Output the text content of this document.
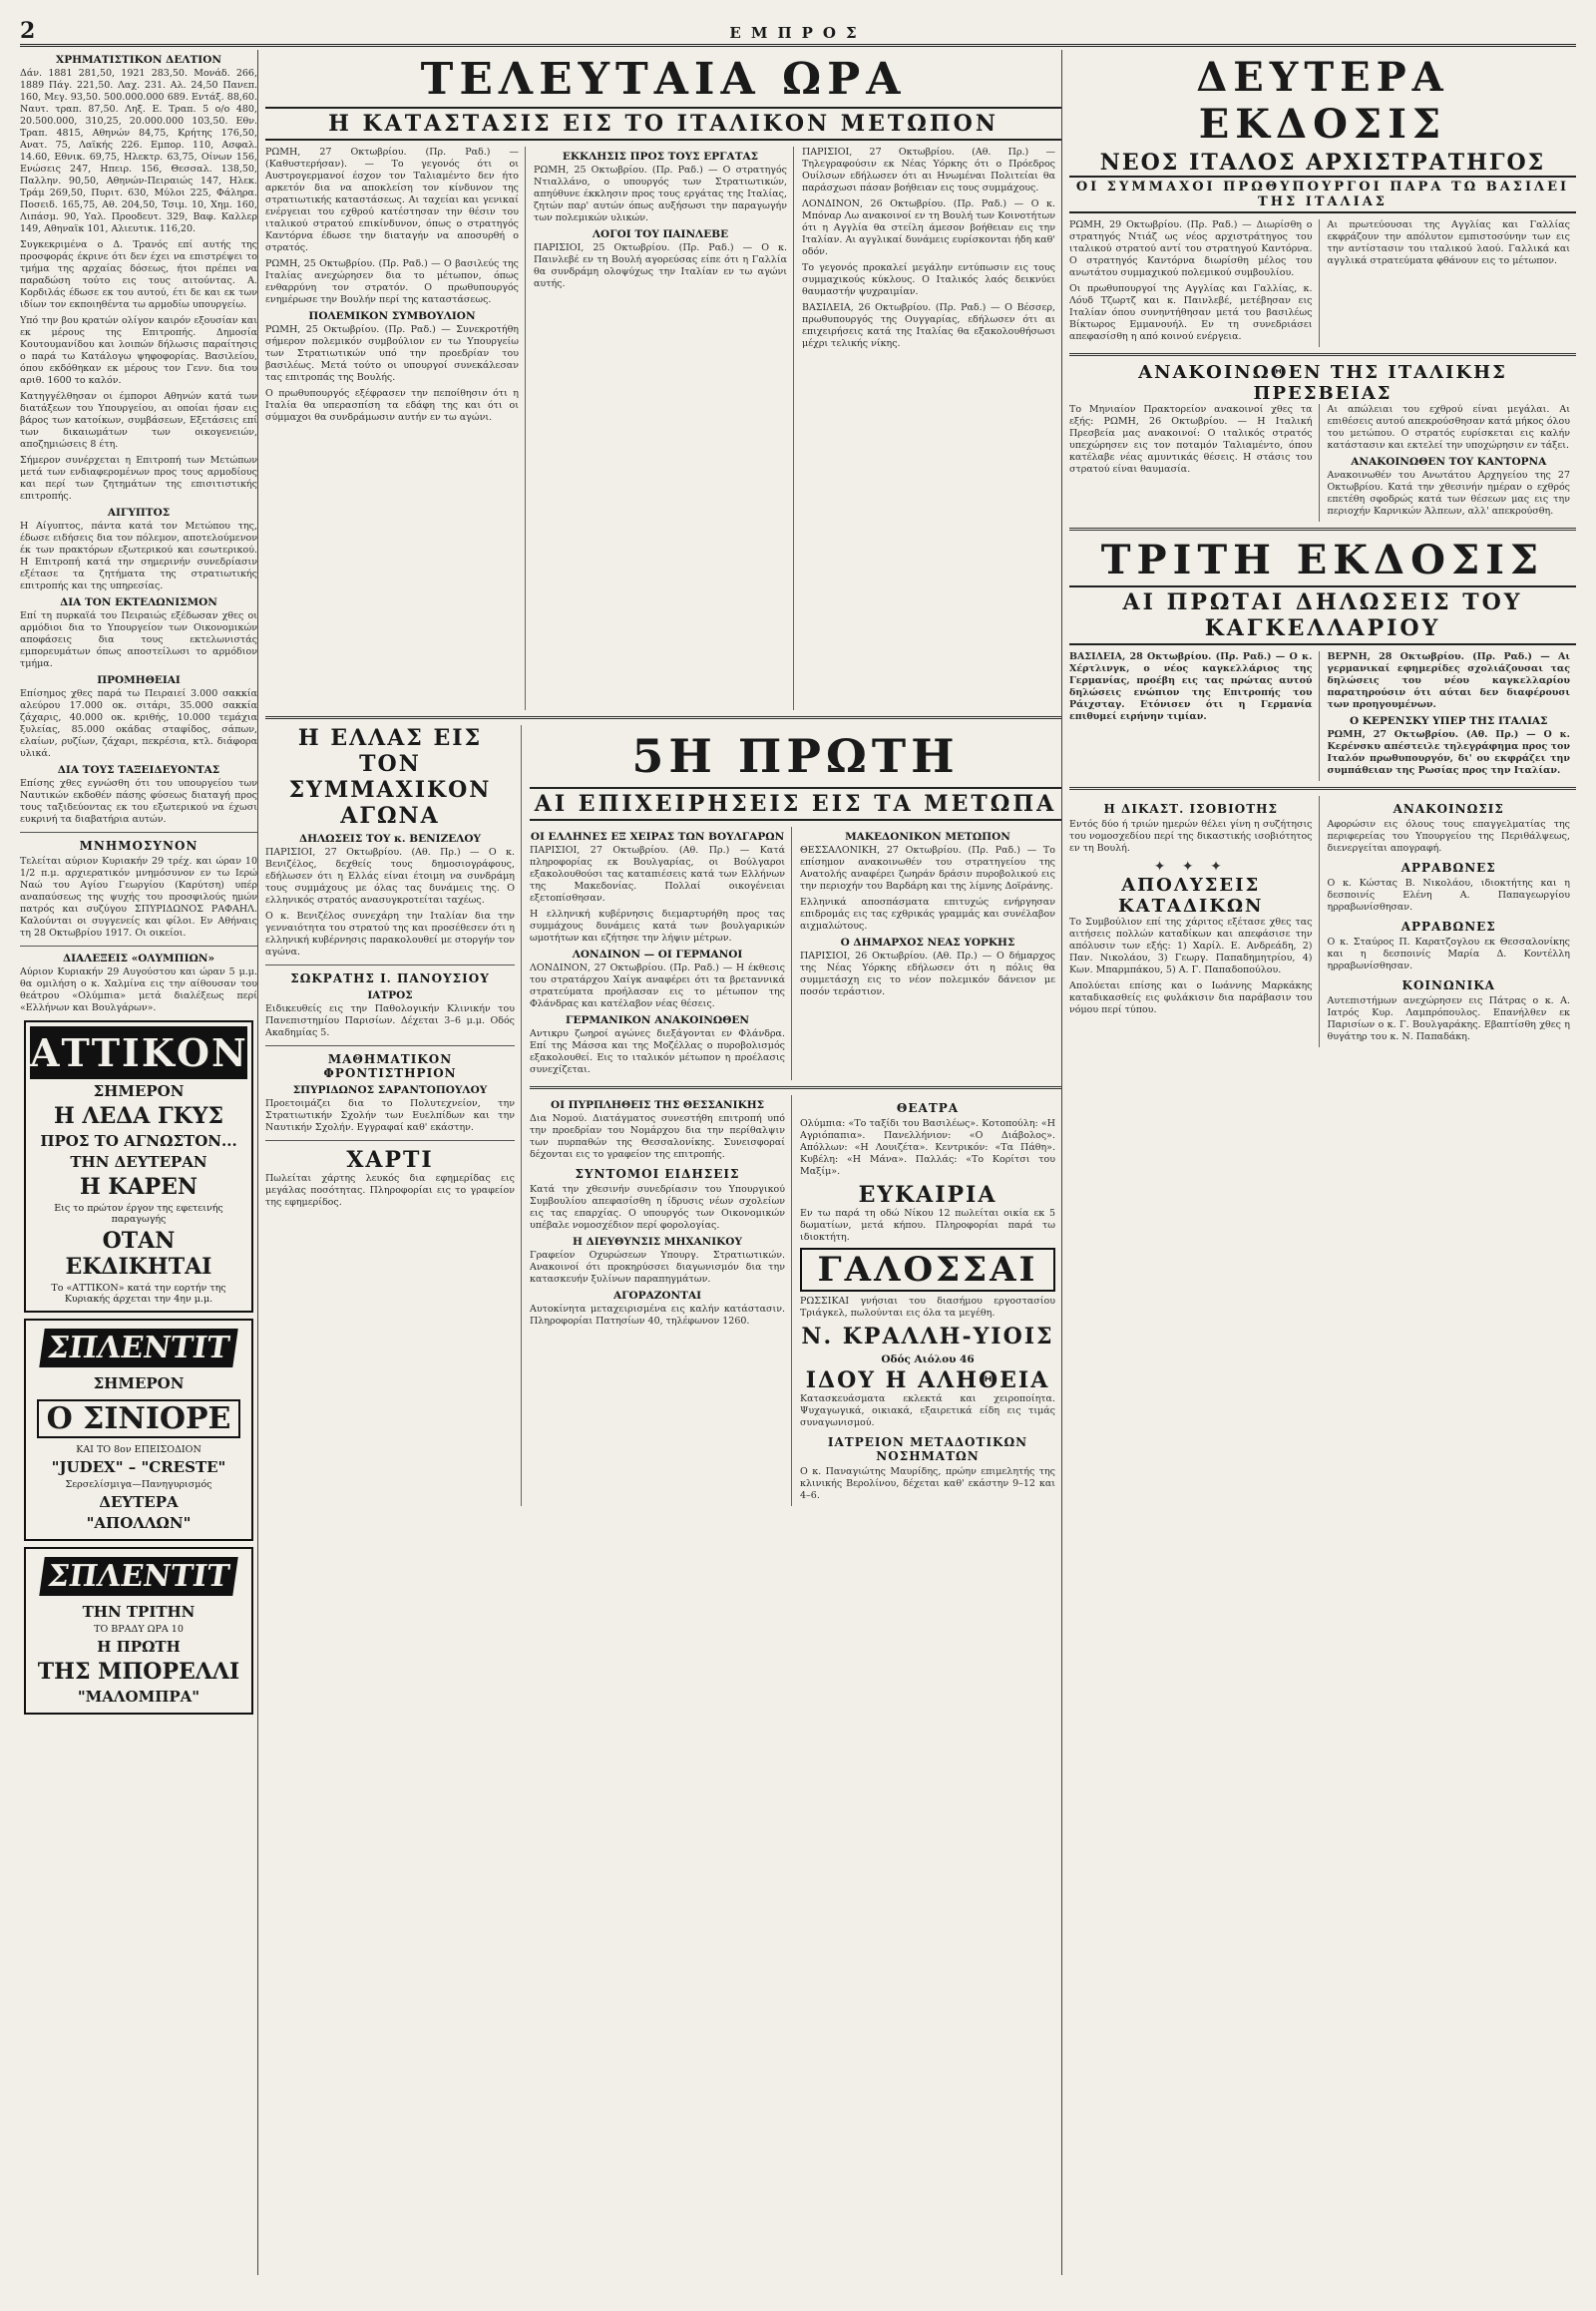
2	ΕΜΠΡΟΣ
ΧΡΗΜΑΤΙΣΤΙΚΟΝ ΔΕΛΤΙΟΝ

Δάν. 1881 281,50, 1921 283,50. Μονάδ. 266, 1889 Πάγ. 221,50. Λαχ. 231. Αλ. 24,50 Πανεπ. 160, Μεγ. 93,50. 500.000.000 689. Εντάξ. 88,60. Ναυτ. τραπ. 87,50. Ληξ. Ε. Τραπ. 5 ο/ο 480, 20.500.000, 310,25, 20.000.000 103,50. Εθν. Τραπ. 4815, Αθηνών 84,75, Κρήτης 176,50, Ανατ. 75, Λαϊκής 226. Εμπορ. 110, Ασφαλ. 14.60, Εθνικ. 69,75, Ηλεκτρ. 63,75, Οίνων 156, Ενώσεις 247, Ηπειρ. 156, Θεσσαλ. 138,50, Παλλην. 90,50, Αθηνών-Πειραιώς 147, Ηλεκ. Τράμ 269,50, Πυριτ. 630, Μύλοι 225, Φάληρα. Ποσειδ. 165,75, Αθ. 204,50, Τσιμ. 10, Χημ. 160, Λιπάσμ. 90, Υαλ. Προοδευτ. 329, Βαφ. Καλλερ 149, Αθηναϊκ 101, Αλιευτικ. 116,20.

Συγκεκριμένα ο Δ. Τρανός επί αυτής της προσφοράς έκρινε ότι δεν έχει να επιστρέψει το τμήμα της αρχαίας δόσεως, ήτοι πρέπει να παραδώση τούτο εις τους αιτούντας. Α. Κορδιλάς έδωσε εκ του αυτού, έτι δε και εκ των ιδίων τον εκποιηθέντα τω αρμοδίω υπουργείω.

Υπό την βου κρατών ολίγον καιρόν εξουσίαν και εκ μέρους της Επιτροπής. Δημοσία Κουτουμανίδου και λοιπών δήλωσις παραίτησις ο παρά τω Κατάλογω ψηφοφορίας. Βασιλείου, όπου εκδόθηκαν εκ μέρους τον Γενν. δια του αριθ. 1600 το καλόν.

Κατηγγέλθησαν οι έμποροι Αθηνών κατά των διατάξεων του Υπουργείου, αι οποίαι ήσαν εις βάρος των κατοίκων, συμβάσεων, Εξετάσεις επί των δικαιωμάτων των οικογενειών, αποζημιώσεις 8 έτη.

Σήμερον συνέρχεται η Επιτροπή των Μετώπων μετά των ενδιαφερομένων προς τους αρμοδίους και περί των ζητημάτων της επισιτιστικής επιτροπής.

ΑΙΓΥΠΤΟΣ

Η Αίγυπτος, πάντα κατά τον Μετώπου της, έδωσε ειδήσεις δια τον πόλεμον, αποτελούμενον έκ των πρακτόρων εξωτερικού και εσωτερικού. Η Επιτροπή κατά την σημερινήν συνεδρίασιν εξέτασε τα ζητήματα της στρατιωτικής επιτροπής και της υπηρεσίας.

ΔΙΑ ΤΟΝ ΕΚΤΕΛΩΝΙΣΜΟΝ

Επί τη πυρκαϊά του Πειραιώς εξέδωσαν χθες οι αρμόδιοι δια το Υπουργείον των Οικονομικών αποφάσεις δια τους εκτελωνιστάς εμπορευμάτων όπως αποστείλωσι το αρμόδιον τμήμα.

ΠΡΟΜΗΘΕΙΑΙ

Επίσημος χθες παρά τω Πειραιεί 3.000 σακκία αλεύρου 17.000 οκ. σιτάρι, 35.000 σακκία ζάχαρις, 40.000 οκ. κριθής, 10.000 τεμάχια ξυλείας, 85.000 οκάδας σταφίδος, σάπων, ελαίων, ρυζίων, ζάχαρι, πεκρέσια, κτλ. διάφορα υλικά.

ΔΙΑ ΤΟΥΣ ΤΑΞΕΙΔΕΥΟΝΤΑΣ

Επίσης χθες εγνώσθη ότι του υπουργείου των Ναυτικών εκδοθέν πάσης φύσεως διαταγή προς τους ταξιδεύοντας εκ του εξωτερικού να έχωσι ευκρινή τα διαβατήρια αυτών.

ΜΝΗΜΟΣΥΝΟΝ

Τελείται αύριον Κυριακήν 29 τρέχ. και ώραν 10 1/2 π.μ. αρχιερατικόν μνημόσυνον εν τω Ιερώ Ναώ του Αγίου Γεωργίου (Καρύτση) υπέρ αναπαύσεως της ψυχής του προσφιλούς ημών πατρός και συζύγου ΣΠΥΡΙΔΩΝΟΣ ΡΑΦΑΗΛ. Καλούνται οι συγγενείς και φίλοι. Εν Αθήναις τη 28 Οκτωβρίου 1917. Οι οικείοι.

ΔΙΑΛΕΞΕΙΣ «ΟΛΥΜΠΙΩΝ»

Αύριον Κυριακήν 29 Αυγούστου και ώραν 5 μ.μ. θα ομιλήση ο κ. Χαλμίνα εις την αίθουσαν του θεάτρου «Ολύμπια» μετά διαλέξεως περί «Ελλήνων και Βουλγάρων».

ΑΤΤΙΚΟΝ
ΣΗΜΕΡΟΝ
Η ΛΕΔΑ ΓΚΥΣ
ΠΡΟΣ ΤΟ ΑΓΝΩΣΤΟΝ...
ΤΗΝ ΔΕΥΤΕΡΑΝ
Η ΚΑΡΕΝ
Εις το πρώτον έργον της εφετεινής παραγωγής
ΟΤΑΝ ΕΚΔΙΚΗΤΑΙ
Το «ΑΤΤΙΚΟΝ» κατά την εορτήν της Κυριακής άρχεται την 4ην μ.μ.
ΣΠΛΕΝΤΙΤ
ΣΗΜΕΡΟΝ
Ο ΣΙΝΙΟΡΕ
ΚΑΙ ΤΟ 8ον ΕΠΕΙΣΟΔΙΟΝ
"JUDEX" – "CRESTE"
Σερσελίσμιγα—Πανηγυρισμός
ΔΕΥΤΕΡΑ
"ΑΠΟΛΛΩΝ"
ΣΠΛΕΝΤΙΤ
ΤΗΝ ΤΡΙΤΗΝ
ΤΟ ΒΡΑΔΥ ΩΡΑ 10
Η ΠΡΩΤΗ
ΤΗΣ ΜΠΟΡΕΛΛΙ
"ΜΑΛΟΜΠΡΑ"
ΤΕΛΕΥΤΑΙΑ ΩΡΑ
Η ΚΑΤΑΣΤΑΣΙΣ ΕΙΣ ΤΟ ΙΤΑΛΙΚΟΝ ΜΕΤΩΠΟΝ

ΡΩΜΗ, 27 Οκτωβρίου. (Πρ. Ραδ.) — (Καθυστερήσαν). — Το γεγονός ότι οι Αυστρογερμανοί έσχον τον Ταλιαμέντο δεν ήτο αρκετόν δια να αποκλείση τον κίνδυνον της στρατιωτικής καταστάσεως. Αι ταχείαι και γενικαί ενέργειαι του εχθρού κατέστησαν την θέσιν του ιταλικού στρατού επικίνδυνον, όπως ο στρατηγός Καντόρνα έδωσε την διαταγήν να αποσυρθή ο στρατός.

ΡΩΜΗ, 25 Οκτωβρίου. (Πρ. Ραδ.) — Ο βασιλεύς της Ιταλίας ανεχώρησεν δια το μέτωπον, όπως ενθαρρύνη τον στρατόν. Ο πρωθυπουργός ενημέρωσε την Βουλήν περί της καταστάσεως.

ΠΟΛΕΜΙΚΟΝ ΣΥΜΒΟΥΛΙΟΝ

ΡΩΜΗ, 25 Οκτωβρίου. (Πρ. Ραδ.) — Συνεκροτήθη σήμερον πολεμικόν συμβούλιον εν τω Υπουργείω των Στρατιωτικών υπό την προεδρίαν του βασιλέως. Μετά τούτο οι υπουργοί συνεκάλεσαν τας επιτροπάς της Βουλής.

Ο πρωθυπουργός εξέφρασεν την πεποίθησιν ότι η Ιταλία θα υπερασπίση τα εδάφη της και ότι οι σύμμαχοι θα συνδράμωσιν αυτήν εν τω αγώνι.

ΕΚΚΛΗΣΙΣ ΠΡΟΣ ΤΟΥΣ ΕΡΓΑΤΑΣ

ΡΩΜΗ, 25 Οκτωβρίου. (Πρ. Ραδ.) — Ο στρατηγός Ντιαλλάνο, ο υπουργός των Στρατιωτικών, απηύθυνε έκκλησιν προς τους εργάτας της Ιταλίας, ζητών παρ' αυτών όπως αυξήσωσι την παραγωγήν των πολεμικών υλικών.

ΛΟΓΟΙ ΤΟΥ ΠΑΙΝΛΕΒΕ

ΠΑΡΙΣΙΟΙ, 25 Οκτωβρίου. (Πρ. Ραδ.) — Ο κ. Παινλεβέ εν τη Βουλή αγορεύσας είπε ότι η Γαλλία θα συνδράμη ολοψύχως την Ιταλίαν εν τω αγώνι αυτής.

ΠΑΡΙΣΙΟΙ, 27 Οκτωβρίου. (Αθ. Πρ.) — Τηλεγραφούσιν εκ Νέας Υόρκης ότι ο Πρόεδρος Ουίλσων εδήλωσεν ότι αι Ηνωμέναι Πολιτείαι θα παράσχωσι πάσαν βοήθειαν εις τους συμμάχους.

ΛΟΝΔΙΝΟΝ, 26 Οκτωβρίου. (Πρ. Ραδ.) — Ο κ. Μπόναρ Λω ανακοινοί εν τη Βουλή των Κοινοτήτων ότι η Αγγλία θα στείλη άμεσον βοήθειαν εις την Ιταλίαν. Αι αγγλικαί δυνάμεις ευρίσκονται ήδη καθ' οδόν.

Το γεγονός προκαλεί μεγάλην εντύπωσιν εις τους συμμαχικούς κύκλους. Ο Ιταλικός λαός δεικνύει θαυμαστήν ψυχραιμίαν.

ΒΑΣΙΛΕΙΑ, 26 Οκτωβρίου. (Πρ. Ραδ.) — Ο Βέσσερ, πρωθυπουργός της Ουγγαρίας, εδήλωσεν ότι αι επιχειρήσεις κατά της Ιταλίας θα εξακολουθήσωσι μέχρι τελικής νίκης.

Η ΕΛΛΑΣ ΕΙΣ ΤΟΝ ΣΥΜΜΑΧΙΚΟΝ ΑΓΩΝΑ
ΔΗΛΩΣΕΙΣ ΤΟΥ κ. ΒΕΝΙΖΕΛΟΥ

ΠΑΡΙΣΙΟΙ, 27 Οκτωβρίου. (Αθ. Πρ.) — Ο κ. Βενιζέλος, δεχθείς τους δημοσιογράφους, εδήλωσεν ότι η Ελλάς είναι έτοιμη να συνδράμη τους συμμάχους με όλας τας δυνάμεις της. Ο ελληνικός στρατός ανασυγκροτείται ταχέως.

Ο κ. Βενιζέλος συνεχάρη την Ιταλίαν δια την γενναιότητα του στρατού της και προσέθεσεν ότι η ελληνική κυβέρνησις παρακολουθεί με στοργήν τον αγώνα.

ΣΩΚΡΑΤΗΣ Ι. ΠΑΝΟΥΣΙΟΥ
ΙΑΤΡΟΣ

Ειδικευθείς εις την Παθολογικήν Κλινικήν του Πανεπιστημίου Παρισίων. Δέχεται 3–6 μ.μ. Οδός Ακαδημίας 5.

ΜΑΘΗΜΑΤΙΚΟΝ ΦΡΟΝΤΙΣΤΗΡΙΟΝ
ΣΠΥΡΙΔΩΝΟΣ ΣΑΡΑΝΤΟΠΟΥΛΟΥ

Προετοιμάζει δια το Πολυτεχνείον, την Στρατιωτικήν Σχολήν των Ευελπίδων και την Ναυτικήν Σχολήν. Εγγραφαί καθ' εκάστην.

ΧΑΡΤΙ

Πωλείται χάρτης λευκός δια εφημερίδας εις μεγάλας ποσότητας. Πληροφορίαι εις το γραφείον της εφημερίδος.

5Η ΠΡΩΤΗ
ΑΙ ΕΠΙΧΕΙΡΗΣΕΙΣ ΕΙΣ ΤΑ ΜΕΤΩΠΑ
ΟΙ ΕΛΛΗΝΕΣ ΕΞ ΧΕΙΡΑΣ ΤΩΝ ΒΟΥΛΓΑΡΩΝ

ΠΑΡΙΣΙΟΙ, 27 Οκτωβρίου. (Αθ. Πρ.) — Κατά πληροφορίας εκ Βουλγαρίας, οι Βούλγαροι εξακολουθούσι τας καταπιέσεις κατά των Ελλήνων της Μακεδονίας. Πολλαί οικογένειαι εξετοπίσθησαν.

Η ελληνική κυβέρνησις διεμαρτυρήθη προς τας συμμάχους δυνάμεις κατά των βουλγαρικών ωμοτήτων και εζήτησε την λήψιν μέτρων.

ΛΟΝΔΙΝΟΝ — ΟΙ ΓΕΡΜΑΝΟΙ

ΛΟΝΔΙΝΟΝ, 27 Οκτωβρίου. (Πρ. Ραδ.) — Η έκθεσις του στρατάρχου Χαίγκ αναφέρει ότι τα βρεταννικά στρατεύματα προήλασαν εις το μέτωπον της Φλάνδρας και κατέλαβον νέας θέσεις.

ΓΕΡΜΑΝΙΚΟΝ ΑΝΑΚΟΙΝΩΘΕΝ

Αντικρυ ζωηροί αγώνες διεξάγονται εν Φλάνδρα. Επί της Μάσσα και της Μοζέλλας ο πυροβολισμός εξακολουθεί. Εις το ιταλικόν μέτωπον η προέλασις συνεχίζεται.

ΜΑΚΕΔΟΝΙΚΟΝ ΜΕΤΩΠΟΝ

ΘΕΣΣΑΛΟΝΙΚΗ, 27 Οκτωβρίου. (Πρ. Ραδ.) — Το επίσημον ανακοινωθέν του στρατηγείου της Ανατολής αναφέρει ζωηράν δράσιν πυροβολικού εις την περιοχήν του Βαρδάρη και της λίμνης Δοϊράνης.

Ελληνικά αποσπάσματα επιτυχώς ενήργησαν επιδρομάς εις τας εχθρικάς γραμμάς και συνέλαβον αιχμαλώτους.

Ο ΔΗΜΑΡΧΟΣ ΝΕΑΣ ΥΟΡΚΗΣ

ΠΑΡΙΣΙΟΙ, 26 Οκτωβρίου. (Αθ. Πρ.) — Ο δήμαρχος της Νέας Υόρκης εδήλωσεν ότι η πόλις θα συμμετάσχη εις το νέον πολεμικόν δάνειον με ποσόν τεράστιον.

ΟΙ ΠΥΡΠΛΗΘΕΙΣ ΤΗΣ ΘΕΣΣΑΝΙΚΗΣ

Δια Νομού. Διατάγματος συνεστήθη επιτροπή υπό την προεδρίαν του Νομάρχου δια την περίθαλψιν των πυρπαθών της Θεσσαλονίκης. Συνεισφοραί δέχονται εις το γραφείον της επιτροπής.

ΣΥΝΤΟΜΟΙ ΕΙΔΗΣΕΙΣ

Κατά την χθεσινήν συνεδρίασιν του Υπουργικού Συμβουλίου απεφασίσθη η ίδρυσις νέων σχολείων εις τας επαρχίας. Ο υπουργός των Οικονομικών υπέβαλε νομοσχέδιον περί φορολογίας.

Η ΔΙΕΥΘΥΝΣΙΣ ΜΗΧΑΝΙΚΟΥ

Γραφείον Οχυρώσεων Υπουργ. Στρατιωτικών. Ανακοινοί ότι προκηρύσσει διαγωνισμόν δια την κατασκευήν ξυλίνων παραπηγμάτων.

ΑΓΟΡΑΖΟΝΤΑΙ

Αυτοκίνητα μεταχειρισμένα εις καλήν κατάστασιν. Πληροφορίαι Πατησίων 40, τηλέφωνον 1260.

ΘΕΑΤΡΑ

Ολύμπια: «Το ταξίδι του Βασιλέως». Κοτοπούλη: «Η Αγριόπαπια». Πανελλήνιον: «Ο Διάβολος». Απόλλων: «Η Λουιζέτα». Κεντρικόν: «Τα Πάθη». Κυβέλη: «Η Μάνα». Παλλάς: «Το Κορίτσι του Μαξίμ».

ΕΥΚΑΙΡΙΑ

Εν τω παρά τη οδώ Νίκου 12 πωλείται οικία εκ 5 δωματίων, μετά κήπου. Πληροφορίαι παρά τω ιδιοκτήτη.

ΓΑΛΟΣΣΑΙ

ΡΩΣΣΙΚΑΙ γνήσιαι του διασήμου εργοστασίου Τριάγκελ, πωλούνται εις όλα τα μεγέθη.

Ν. ΚΡΑΛΛΗ-ΥΙΟΙΣ
Οδός Αιόλου 46
ΙΔΟΥ Η ΑΛΗΘΕΙΑ

Κατασκευάσματα εκλεκτά και χειροποίητα. Ψυχαγωγικά, οικιακά, εξαιρετικά είδη εις τιμάς συναγωνισμού.

ΙΑΤΡΕΙΟΝ ΜΕΤΑΔΟΤΙΚΩΝ ΝΟΣΗΜΑΤΩΝ

Ο κ. Παναγιώτης Μαυρίδης, πρώην επιμελητής της κλινικής Βερολίνου, δέχεται καθ' εκάστην 9–12 και 4–6.

ΔΕΥΤΕΡΑ ΕΚΔΟΣΙΣ
ΝΕΟΣ ΙΤΑΛΟΣ ΑΡΧΙΣΤΡΑΤΗΓΟΣ
ΟΙ ΣΥΜΜΑΧΟΙ ΠΡΩΘΥΠΟΥΡΓΟΙ ΠΑΡΑ ΤΩ ΒΑΣΙΛΕΙ ΤΗΣ ΙΤΑΛΙΑΣ

ΡΩΜΗ, 29 Οκτωβρίου. (Πρ. Ραδ.) — Διωρίσθη ο στρατηγός Ντιάζ ως νέος αρχιστράτηγος του ιταλικού στρατού αντί του στρατηγού Καντόρνα. Ο στρατηγός Καντόρνα διωρίσθη μέλος του ανωτάτου συμμαχικού πολεμικού συμβουλίου.

Οι πρωθυπουργοί της Αγγλίας και Γαλλίας, κ. Λόυδ Τζωρτζ και κ. Παινλεβέ, μετέβησαν εις Ιταλίαν όπου συνηντήθησαν μετά του βασιλέως Βίκτωρος Εμμανουήλ. Εν τη συνεδριάσει απεφασίσθη η από κοινού ενέργεια.

Αι πρωτεύουσαι της Αγγλίας και Γαλλίας εκφράζουν την απόλυτον εμπιστοσύνην των εις την αντίστασιν του ιταλικού λαού. Γαλλικά και αγγλικά στρατεύματα φθάνουν εις το μέτωπον.

ΑΝΑΚΟΙΝΩΘΕΝ ΤΗΣ ΙΤΑΛΙΚΗΣ ΠΡΕΣΒΕΙΑΣ

Το Μηνιαίον Πρακτορείον ανακοινοί χθες τα εξής: ΡΩΜΗ, 26 Οκτωβρίου. — Η Ιταλική Πρεσβεία μας ανακοινοί: Ο ιταλικός στρατός υπεχώρησεν εις τον ποταμόν Ταλιαμέντο, όπου κατέλαβε νέας αμυντικάς θέσεις. Η στάσις του στρατού είναι θαυμασία.

Αι απώλειαι του εχθρού είναι μεγάλαι. Αι επιθέσεις αυτού απεκρούσθησαν κατά μήκος όλου του μετώπου. Ο στρατός ευρίσκεται εις καλήν κατάστασιν και εκτελεί την υποχώρησιν εν τάξει.

ΑΝΑΚΟΙΝΩΘΕΝ ΤΟΥ ΚΑΝΤΟΡΝΑ

Ανακοινωθέν του Ανωτάτου Αρχηγείου της 27 Οκτωβρίου. Κατά την χθεσινήν ημέραν ο εχθρός επετέθη σφοδρώς κατά των θέσεων μας εις την περιοχήν Καρνικών Άλπεων, αλλ' απεκρούσθη.

ΤΡΙΤΗ ΕΚΔΟΣΙΣ
ΑΙ ΠΡΩΤΑΙ ΔΗΛΩΣΕΙΣ ΤΟΥ ΚΑΓΚΕΛΛΑΡΙΟΥ

ΒΑΣΙΛΕΙΑ, 28 Οκτωβρίου. (Πρ. Ραδ.) — Ο κ. Χέρτλινγκ, ο νέος καγκελλάριος της Γερμανίας, προέβη εις τας πρώτας αυτού δηλώσεις ενώπιον της Επιτροπής του Ράιχσταγ. Ετόνισεν ότι η Γερμανία επιθυμεί ειρήνην τιμίαν.

ΒΕΡΝΗ, 28 Οκτωβρίου. (Πρ. Ραδ.) — Αι γερμανικαί εφημερίδες σχολιάζουσαι τας δηλώσεις του νέου καγκελλαρίου παρατηρούσιν ότι αύται δεν διαφέρουσι των προηγουμένων.

Ο ΚΕΡΕΝΣΚΥ ΥΠΕΡ ΤΗΣ ΙΤΑΛΙΑΣ

ΡΩΜΗ, 27 Οκτωβρίου. (Αθ. Πρ.) — Ο κ. Κερένσκυ απέστειλε τηλεγράφημα προς τον Ιταλόν πρωθυπουργόν, δι' ου εκφράζει την συμπάθειαν της Ρωσίας προς την Ιταλίαν.

Η ΔΙΚΑΣΤ. ΙΣΟΒΙΟΤΗΣ

Εντός δύο ή τριών ημερών θέλει γίνη η συζήτησις του νομοσχεδίου περί της δικαστικής ισοβιότητος εν τη Βουλή.

✦ ✦ ✦
ΑΠΟΛΥΣΕΙΣ ΚΑΤΑΔΙΚΩΝ

Το Συμβούλιον επί της χάριτος εξέτασε χθες τας αιτήσεις πολλών καταδίκων και απεφάσισε την απόλυσιν των εξής: 1) Χαρίλ. Ε. Ανδρεάδη, 2) Παν. Νικολάου, 3) Γεωργ. Παπαδημητρίου, 4) Κων. Μπαρμπάκου, 5) Α. Γ. Παπαδοπούλου.

Απολύεται επίσης και ο Ιωάννης Μαρκάκης καταδικασθείς εις φυλάκισιν δια παράβασιν του νόμου περί τύπου.

ΑΝΑΚΟΙΝΩΣΙΣ

Αφορώσιν εις όλους τους επαγγελματίας της περιφερείας του Υπουργείου της Περιθάλψεως, διενεργείται απογραφή.

ΑΡΡΑΒΩΝΕΣ

Ο κ. Κώστας Β. Νικολάου, ιδιοκτήτης και η δεσποινίς Ελένη Α. Παπαγεωργίου ηρραβωνίσθησαν.

ΑΡΡΑΒΩΝΕΣ

Ο κ. Σταύρος Π. Καρατζογλου εκ Θεσσαλονίκης και η δεσποινίς Μαρία Δ. Κοντέλλη ηρραβωνίσθησαν.

ΚΟΙΝΩΝΙΚΑ

Αυτεπιστήμων ανεχώρησεν εις Πάτρας ο κ. Α. Ιατρός Κυρ. Λαμπρόπουλος. Επανήλθεν εκ Παρισίων ο κ. Γ. Βουλγαράκης. Εβαπτίσθη χθες η θυγάτηρ του κ. Ν. Παπαδάκη.
